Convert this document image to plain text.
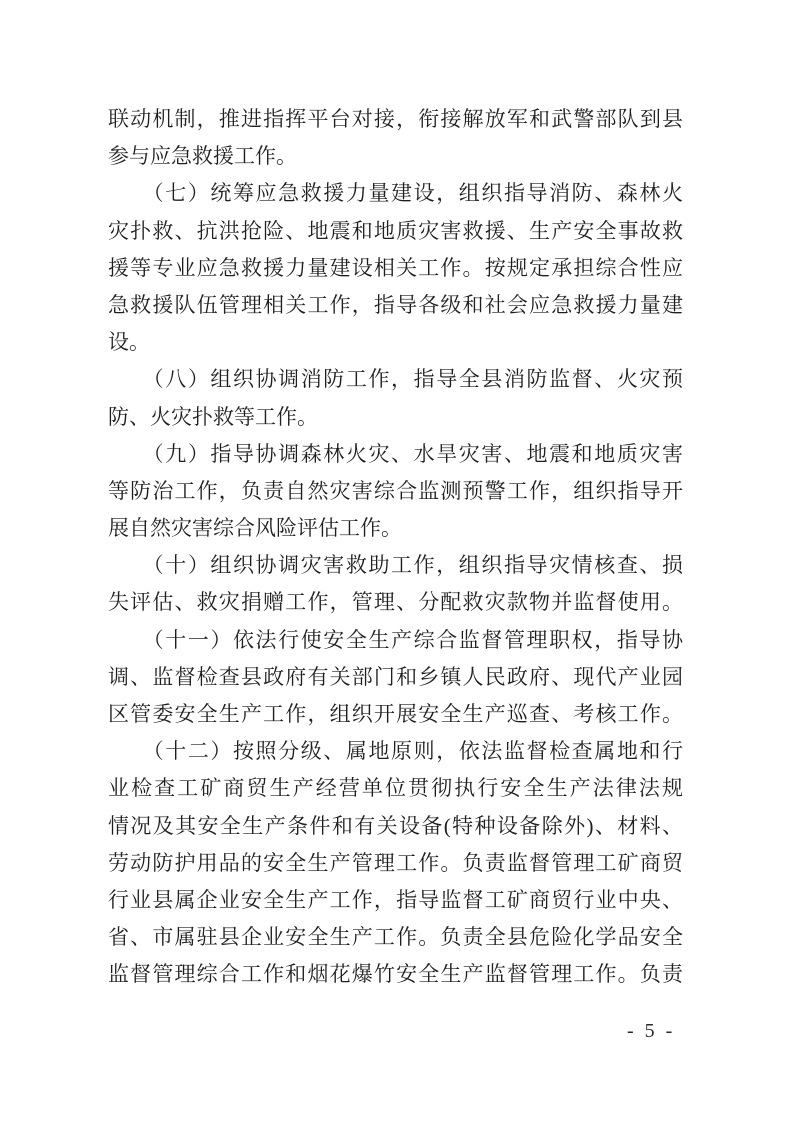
联动机制，推进指挥平台对接，衔接解放军和武警部队到县
参与应急救援工作。
　　（七）统筹应急救援力量建设，组织指导消防、森林火
灾扑救、抗洪抢险、地震和地质灾害救援、生产安全事故救
援等专业应急救援力量建设相关工作。按规定承担综合性应
急救援队伍管理相关工作，指导各级和社会应急救援力量建
设。
　　（八）组织协调消防工作，指导全县消防监督、火灾预
防、火灾扑救等工作。
　　（九）指导协调森林火灾、水旱灾害、地震和地质灾害
等防治工作，负责自然灾害综合监测预警工作，组织指导开
展自然灾害综合风险评估工作。
　　（十）组织协调灾害救助工作，组织指导灾情核查、损
失评估、救灾捐赠工作，管理、分配救灾款物并监督使用。
　　（十一）依法行使安全生产综合监督管理职权，指导协
调、监督检查县政府有关部门和乡镇人民政府、现代产业园
区管委安全生产工作，组织开展安全生产巡查、考核工作。
　　（十二）按照分级、属地原则，依法监督检查属地和行
业检查工矿商贸生产经营单位贯彻执行安全生产法律法规
情况及其安全生产条件和有关设备(特种设备除外)、材料、
劳动防护用品的安全生产管理工作。负责监督管理工矿商贸
行业县属企业安全生产工作，指导监督工矿商贸行业中央、
省、市属驻县企业安全生产工作。负责全县危险化学品安全
监督管理综合工作和烟花爆竹安全生产监督管理工作。负责
- 5 -
